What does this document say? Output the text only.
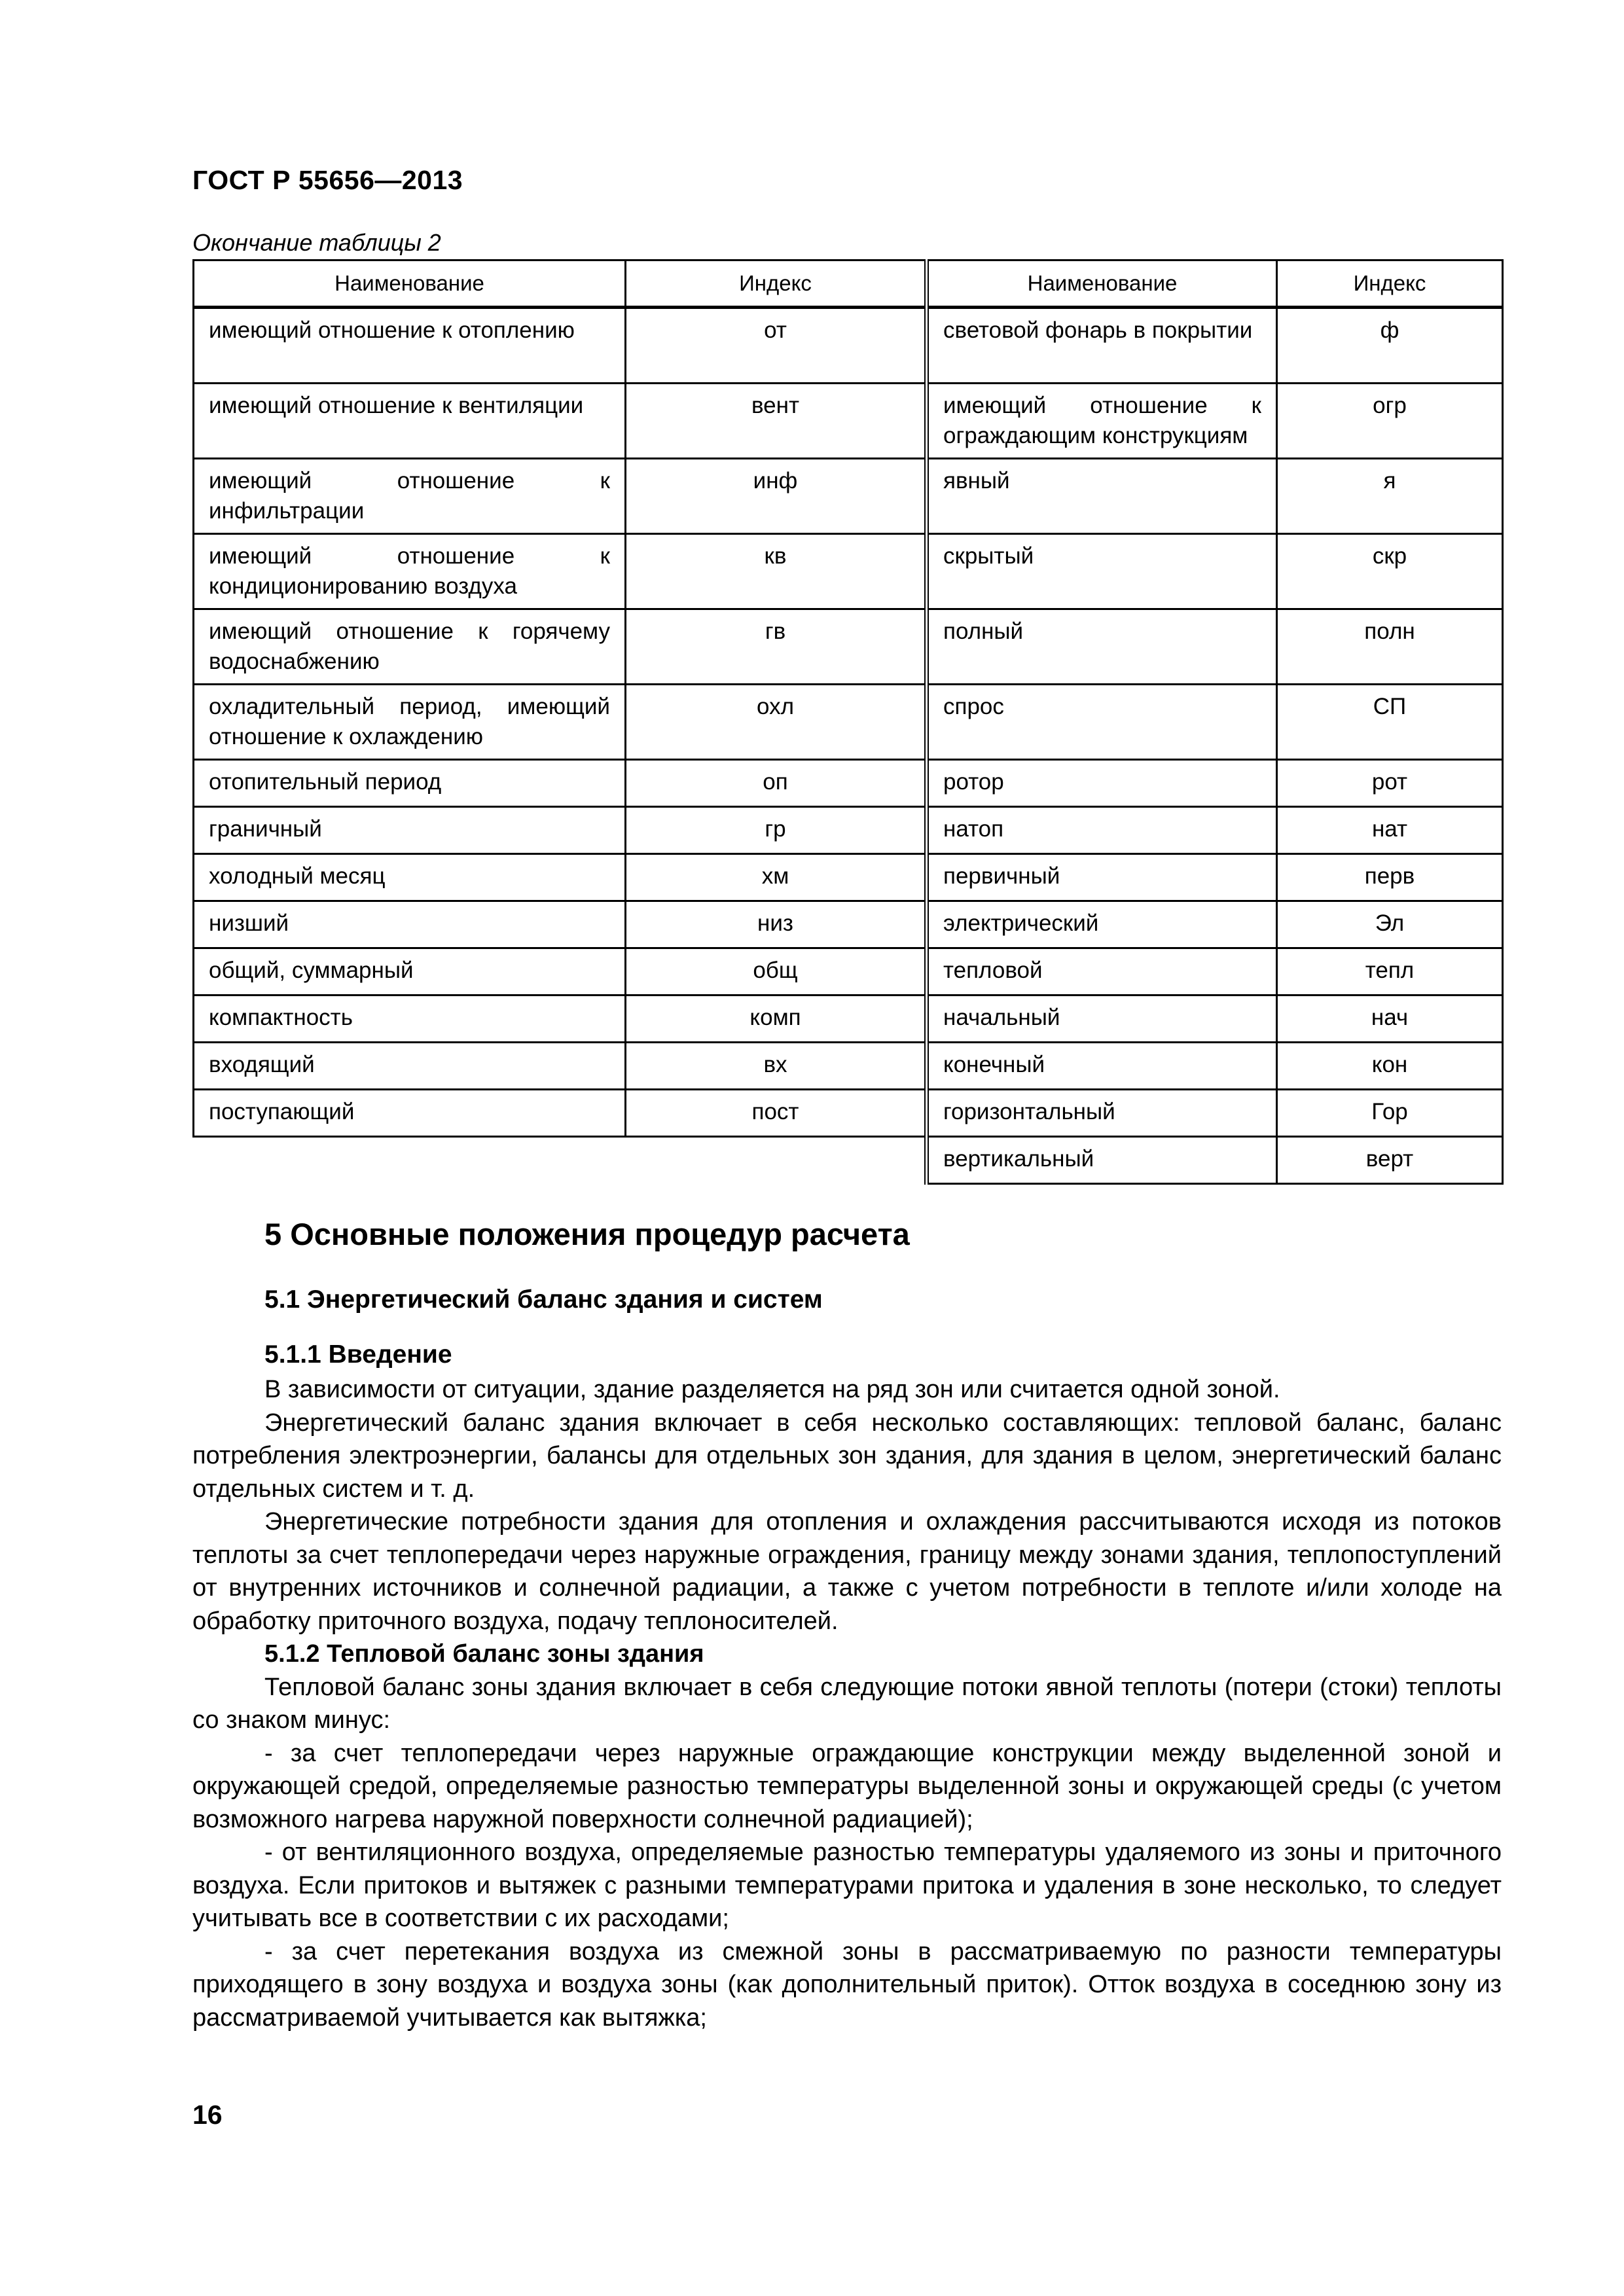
ГОСТ Р 55656—2013
Окончание таблицы 2
Наименование	Индекс	Наименование	Индекс
имеющий отношение к отоплению	от	световой фонарь в покрытии	ф
имеющий отношение к вентиляции	вент	имеющий отношение к ограждающим конструкциям	огр
имеющий отношение к инфильтрации	инф	явный	я
имеющий отношение к кондиционированию воздуха	кв	скрытый	скр
имеющий отношение к горячему водоснабжению	гв	полный	полн
охладительный период, имеющий отношение к охлаждению	охл	спрос	СП
отопительный период	оп	ротор	рот
граничный	гр	натоп	нат
холодный месяц	хм	первичный	перв
низший	низ	электрический	Эл
общий, суммарный	общ	тепловой	тепл
компактность	комп	начальный	нач
входящий	вх	конечный	кон
поступающий	пост	горизонтальный	Гор
		вертикальный	верт
5 Основные положения процедур расчета
5.1 Энергетический баланс здания и систем
5.1.1 Введение

В зависимости от ситуации, здание разделяется на ряд зон или считается одной зоной.

Энергетический баланс здания включает в себя несколько составляющих: тепловой баланс, баланс потребления электроэнергии, балансы для отдельных зон здания, для здания в целом, энергетический баланс отдельных систем и т. д.

Энергетические потребности здания для отопления и охлаждения рассчитываются исходя из потоков теплоты за счет теплопередачи через наружные ограждения, границу между зонами здания, теплопоступлений от внутренних источников и солнечной радиации, а также с учетом потребности в теплоте и/или холоде на обработку приточного воздуха, подачу теплоносителей.

5.1.2 Тепловой баланс зоны здания

Тепловой баланс зоны здания включает в себя следующие потоки явной теплоты (потери (стоки) теплоты со знаком минус:

- за счет теплопередачи через наружные ограждающие конструкции между выделенной зоной и окружающей средой, определяемые разностью температуры выделенной зоны и окружающей среды (с учетом возможного нагрева наружной поверхности солнечной радиацией);

- от вентиляционного воздуха, определяемые разностью температуры удаляемого из зоны и приточного воздуха. Если притоков и вытяжек с разными температурами притока и удаления в зоне несколько, то следует учитывать все в соответствии с их расходами;

- за счет перетекания воздуха из смежной зоны в рассматриваемую по разности температуры приходящего в зону воздуха и воздуха зоны (как дополнительный приток). Отток воздуха в соседнюю зону из рассматриваемой учитывается как вытяжка;

16
